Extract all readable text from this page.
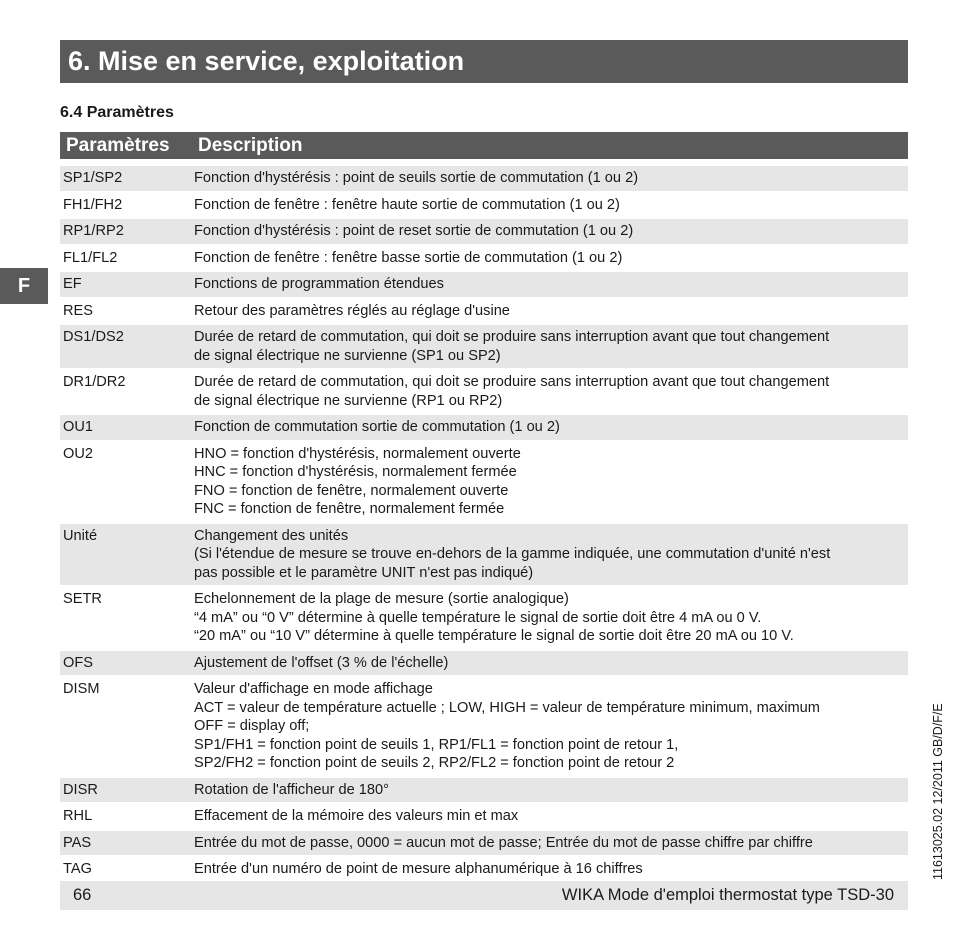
6. Mise en service, exploitation
6.4 Paramètres
F
Paramètres	Description
SP1/SP2	Fonction d'hystérésis : point de seuils sortie de commutation (1 ou 2)
FH1/FH2	Fonction de fenêtre : fenêtre haute sortie de commutation (1 ou 2)
RP1/RP2	Fonction d'hystérésis : point de reset sortie de commutation (1 ou 2)
FL1/FL2	Fonction de fenêtre : fenêtre basse sortie de commutation (1 ou 2)
EF	Fonctions de programmation étendues
RES	Retour des paramètres réglés au réglage d'usine
DS1/DS2	Durée de retard de commutation, qui doit se produire sans interruption avant que tout changement
de signal électrique ne survienne (SP1 ou SP2)
DR1/DR2	Durée de retard de commutation, qui doit se produire sans interruption avant que tout changement
de signal électrique ne survienne (RP1 ou RP2)
OU1	Fonction de commutation sortie de commutation (1 ou 2)
OU2	HNO = fonction d'hystérésis, normalement ouverte
HNC = fonction d'hystérésis, normalement fermée
FNO = fonction de fenêtre, normalement ouverte
FNC = fonction de fenêtre, normalement fermée
Unité	Changement des unités
(Si l'étendue de mesure se trouve en-dehors de la gamme indiquée, une commutation d'unité n'est
pas possible et le paramètre UNIT n'est pas indiqué)
SETR	Echelonnement de la plage de mesure (sortie analogique)
“4 mA” ou “0 V” détermine à quelle température le signal de sortie doit être 4 mA ou 0 V.
“20 mA” ou “10 V” détermine à quelle température le signal de sortie doit être 20 mA ou 10 V.
OFS	Ajustement de l'offset (3 % de l'échelle)
DISM	Valeur d'affichage en mode affichage
ACT = valeur de température actuelle ; LOW, HIGH = valeur de température minimum, maximum
OFF = display off;
SP1/FH1 = fonction point de seuils 1, RP1/FL1 = fonction point de retour 1,
SP2/FH2 = fonction point de seuils 2, RP2/FL2 = fonction point de retour 2
DISR	Rotation de l'afficheur de 180°
RHL	Effacement de la mémoire des valeurs min et max
PAS	Entrée du mot de passe, 0000 = aucun mot de passe; Entrée du mot de passe chiffre par chiffre
TAG	Entrée d'un numéro de point de mesure alphanumérique à 16 chiffres
66	WIKA Mode d'emploi thermostat type TSD-30
11613025.02 12/2011 GB/D/F/E
